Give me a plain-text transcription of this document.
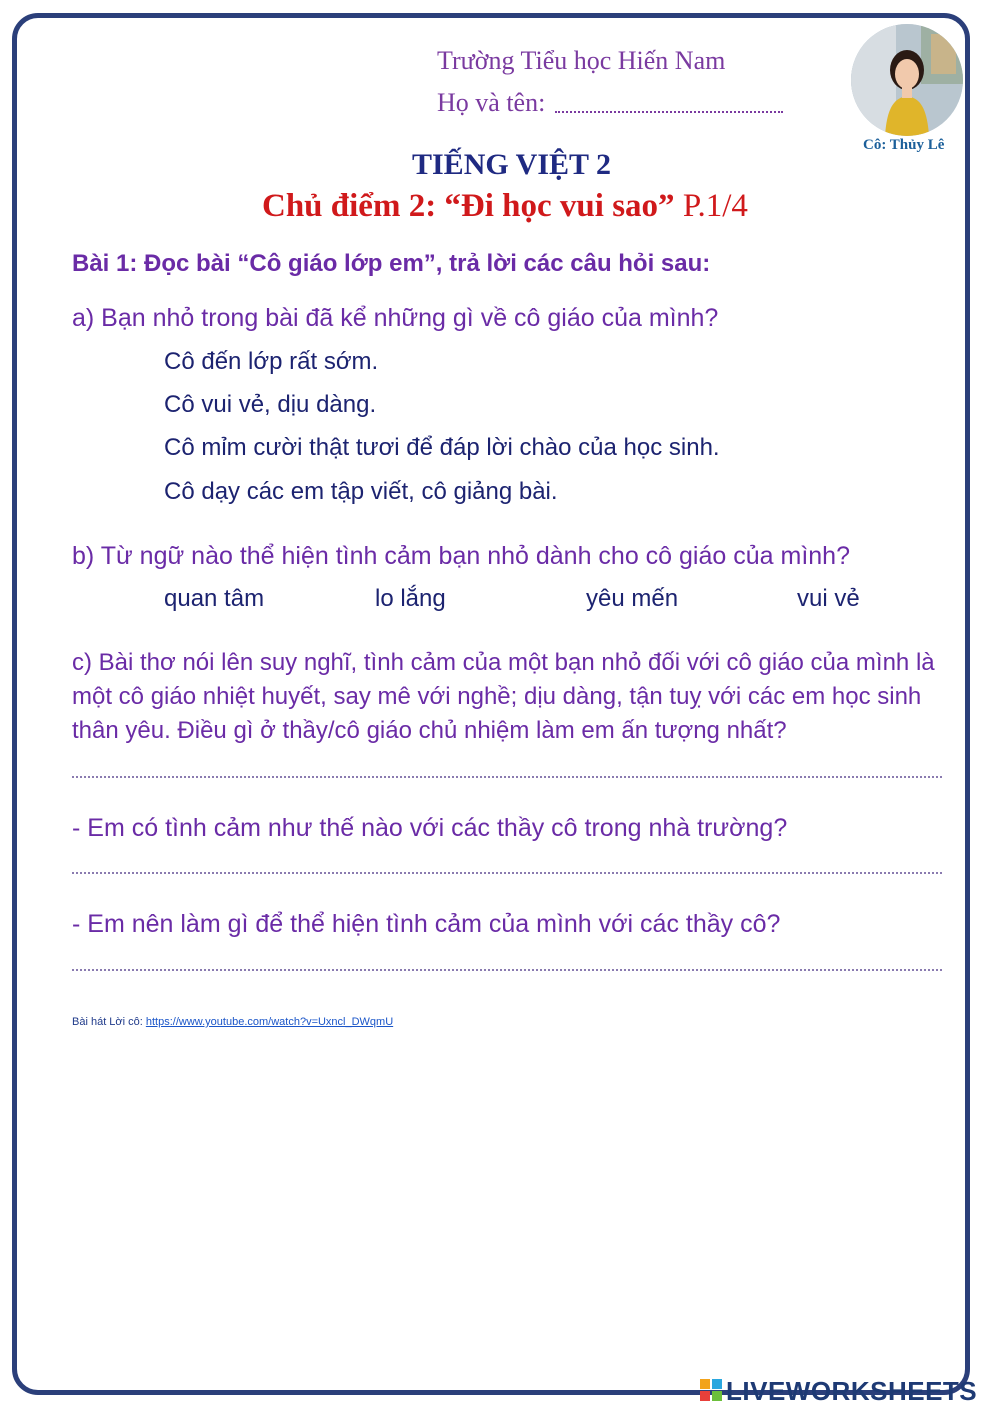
Trường Tiểu học Hiến Nam
Họ và tên:
Cô: Thủy Lê
TIẾNG VIỆT 2
Chủ điểm 2: “Đi học vui sao” P.1/4
Bài 1: Đọc bài “Cô giáo lớp em”, trả lời các câu hỏi sau:
a) Bạn nhỏ trong bài đã kể những gì về cô giáo của mình?
Cô đến lớp rất sớm.
Cô vui vẻ, dịu dàng.
Cô mỉm cười thật tươi để đáp lời chào của học sinh.
Cô dạy các em tập viết, cô giảng bài.
b) Từ ngữ nào thể hiện tình cảm bạn nhỏ dành cho cô giáo của mình?
quan tâm	lo lắng	yêu mến	vui vẻ
c) Bài thơ nói lên suy nghĩ, tình cảm của một bạn nhỏ đối với cô giáo của mình là một cô giáo nhiệt huyết, say mê với nghề; dịu dàng, tận tuỵ với các em học sinh thân yêu. Điều gì ở thầy/cô giáo chủ nhiệm làm em ấn tượng nhất?
- Em có tình cảm như thế nào với các thầy cô trong nhà trường?
- Em nên làm gì để thể hiện tình cảm của mình với các thầy cô?
Bài hát Lời cô: https://www.youtube.com/watch?v=Uxncl_DWqmU
LIVEWORKSHEETS
